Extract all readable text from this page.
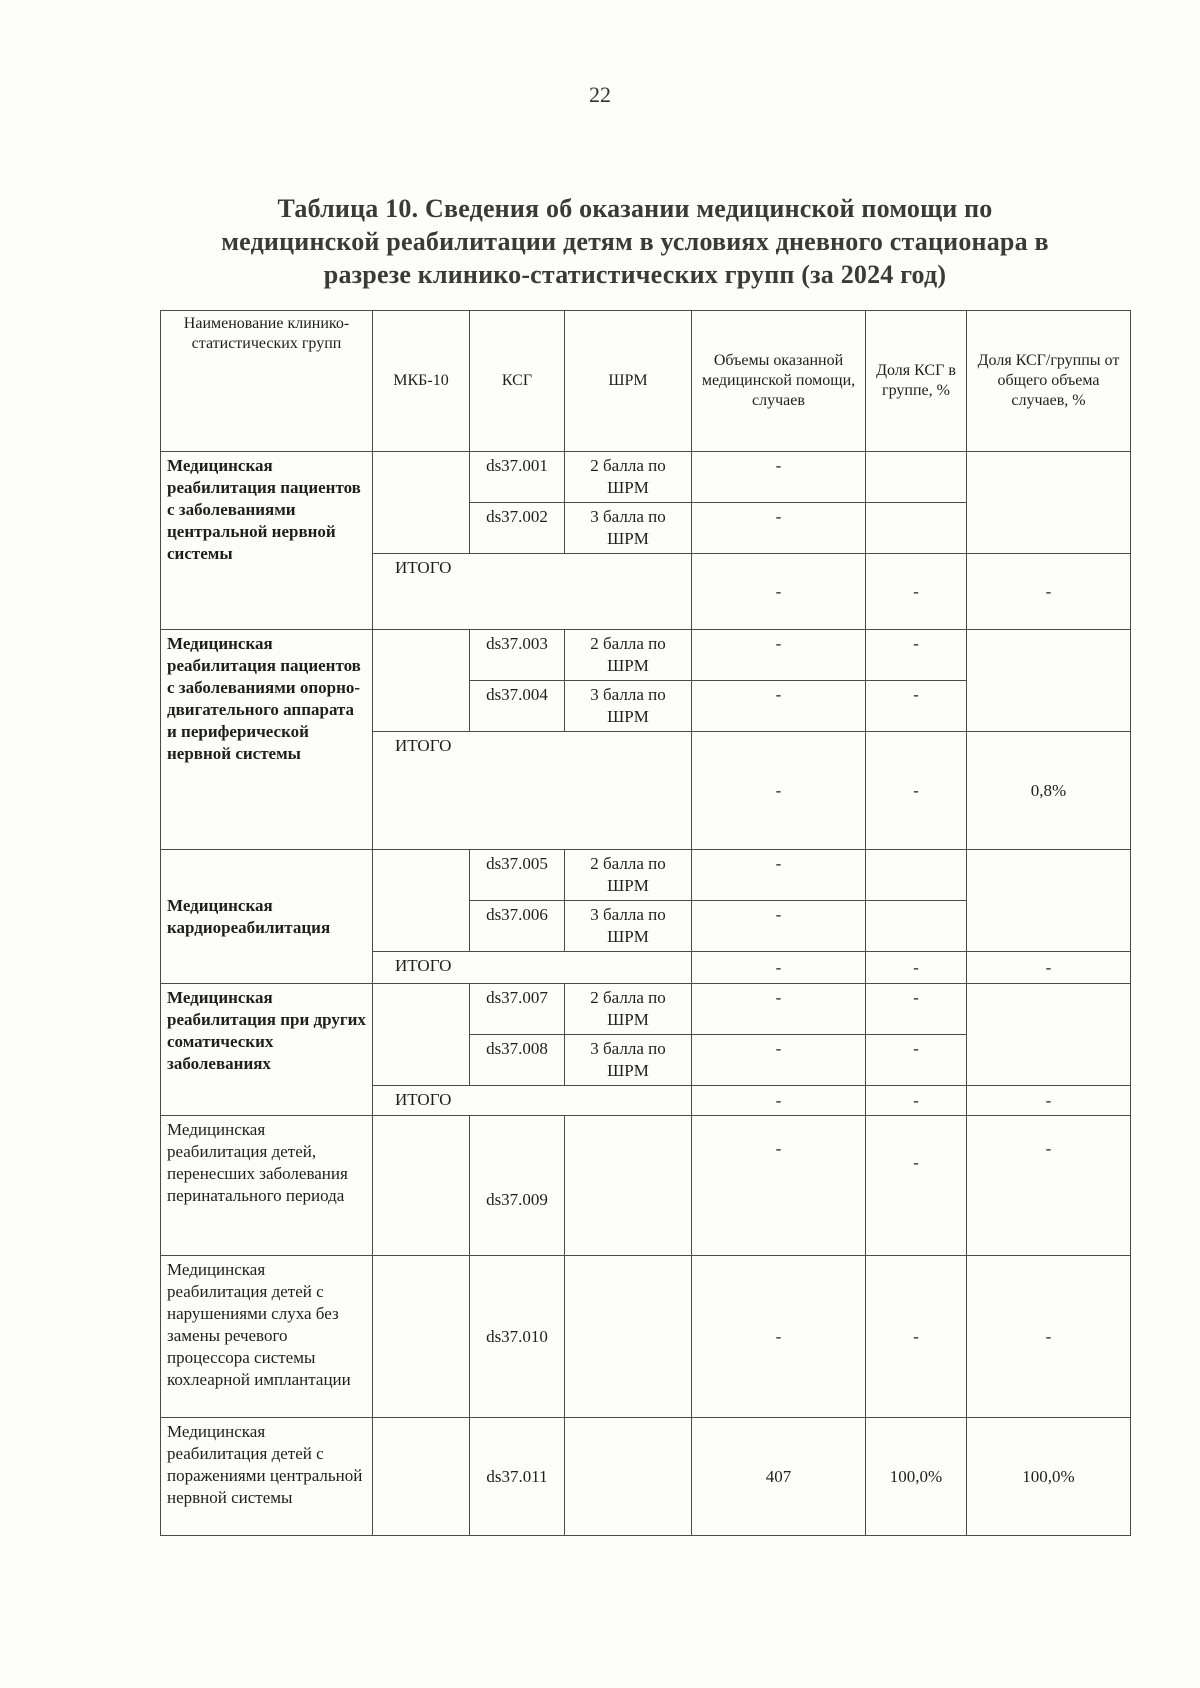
22
Таблица 10. Сведения об оказании медицинской помощи по медицинской реабилитации детям в условиях дневного стационара в разрезе клинико-статистических групп (за 2024 год)
Наименование клинико-статистических групп	МКБ-10	КСГ	ШРМ	Объемы оказанной медицинской помощи, случаев	Доля КСГ в группе, %	Доля КСГ/группы от общего объема случаев, %
Медицинская реабилитация пациентов с заболеваниями центральной нервной системы		ds37.001	2 балла по ШРМ	-		
		ds37.002	3 балла по ШРМ	-		
	ИТОГО			-	-	-
Медицинская реабилитация пациентов с заболеваниями опорно-двигательного аппарата и периферической нервной системы		ds37.003	2 балла по ШРМ	-	-	
		ds37.004	3 балла по ШРМ	-	-	
	ИТОГО			-	-	0,8%
Медицинская кардиореабилитация		ds37.005	2 балла по ШРМ	-		
		ds37.006	3 балла по ШРМ	-		
	ИТОГО			-	-	-
Медицинская реабилитация при других соматических заболеваниях		ds37.007	2 балла по ШРМ	-	-	
		ds37.008	3 балла по ШРМ	-	-	
	ИТОГО			-	-	-
Медицинская реабилитация детей, перенесших заболевания перинатального периода		ds37.009		-	-	-
Медицинская реабилитация детей с нарушениями слуха без замены речевого процессора системы кохлеарной имплантации		ds37.010		-	-	-
Медицинская реабилитация детей с поражениями центральной нервной системы		ds37.011		407	100,0%	100,0%
